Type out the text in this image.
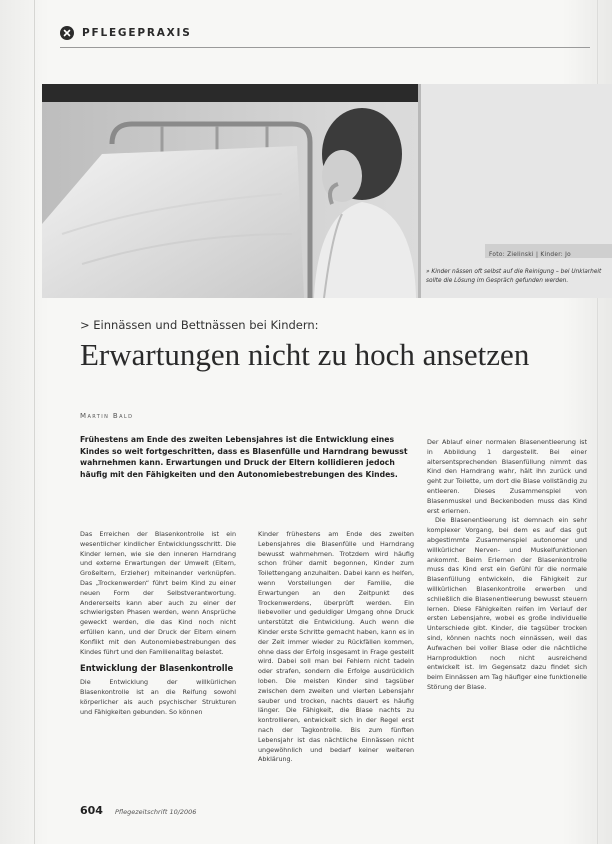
PFLEGEPRAXIS
Foto: Zielinski | Kinder: Jo
» Kinder nässen oft selbst auf die Reinigung – bei Unklarheit sollte die Lösung im Gespräch gefunden werden.
> Einnässen und Bettnässen bei Kindern:
Erwartungen nicht zu hoch ansetzen
Martin Bald
Frühestens am Ende des zweiten Lebensjahres ist die Entwicklung eines Kindes so weit fortgeschritten, dass es Blasenfülle und Harndrang bewusst wahrnehmen kann. Erwartungen und Druck der Eltern kollidieren jedoch häufig mit den Fähigkeiten und den Autonomiebestrebungen des Kindes.

Das Erreichen der Blasenkontrolle ist ein wesentlicher kindlicher Entwicklungsschritt. Die Kinder lernen, wie sie den inneren Harndrang und externe Erwartungen der Umwelt (Eltern, Großeltern, Erzieher) miteinander verknüpfen. Das „Trockenwerden“ führt beim Kind zu einer neuen Form der Selbstverantwortung. Andererseits kann aber auch zu einer der schwierigsten Phasen werden, wenn Ansprüche geweckt werden, die das Kind noch nicht erfüllen kann, und der Druck der Eltern einem Konflikt mit den Autonomiebestrebungen des Kindes führt und den Familienalltag belastet.

Entwicklung der Blasenkontrolle

Die Entwicklung der willkürlichen Blasenkontrolle ist an die Reifung sowohl körperlicher als auch psychischer Strukturen und Fähigkeiten gebunden. So können

Kinder frühestens am Ende des zweiten Lebensjahres die Blasenfülle und Harndrang bewusst wahrnehmen. Trotzdem wird häufig schon früher damit begonnen, Kinder zum Toilettengang anzuhalten. Dabei kann es helfen, wenn Vorstellungen der Familie, die Erwartungen an den Zeitpunkt des Trockenwerdens, überprüft werden. Ein liebevoller und geduldiger Umgang ohne Druck unterstützt die Entwicklung. Auch wenn die Kinder erste Schritte gemacht haben, kann es in der Zeit immer wieder zu Rückfällen kommen, ohne dass der Erfolg insgesamt in Frage gestellt wird. Dabei soll man bei Fehlern nicht tadeln oder strafen, sondern die Erfolge ausdrücklich loben. Die meisten Kinder sind tagsüber zwischen dem zweiten und vierten Lebensjahr sauber und trocken, nachts dauert es häufig länger. Die Fähigkeit, die Blase nachts zu kontrollieren, entwickelt sich in der Regel erst nach der Tagkontrolle. Bis zum fünften Lebensjahr ist das nächtliche Einnässen nicht ungewöhnlich und bedarf keiner weiteren Abklärung.

Der Ablauf einer normalen Blasenentleerung ist in Abbildung 1 dargestellt. Bei einer altersentsprechenden Blasenfüllung nimmt das Kind den Harndrang wahr, hält ihn zurück und geht zur Toilette, um dort die Blase vollständig zu entleeren. Dieses Zusammenspiel von Blasenmuskel und Beckenboden muss das Kind erst erlernen.

Die Blasenentleerung ist demnach ein sehr komplexer Vorgang, bei dem es auf das gut abgestimmte Zusammenspiel autonomer und willkürlicher Nerven- und Muskelfunktionen ankommt. Beim Erlernen der Blasenkontrolle muss das Kind erst ein Gefühl für die normale Blasenfüllung entwickeln, die Fähigkeit zur willkürlichen Blasenkontrolle erwerben und schließlich die Blasenentleerung bewusst steuern lernen. Diese Fähigkeiten reifen im Verlauf der ersten Lebensjahre, wobei es große individuelle Unterschiede gibt. Kinder, die tagsüber trocken sind, können nachts noch einnässen, weil das Aufwachen bei voller Blase oder die nächtliche Harnproduktion noch nicht ausreichend entwickelt ist. Im Gegensatz dazu findet sich beim Einnässen am Tag häufiger eine funktionelle Störung der Blase.

604 Pflegezeitschrift 10/2006
